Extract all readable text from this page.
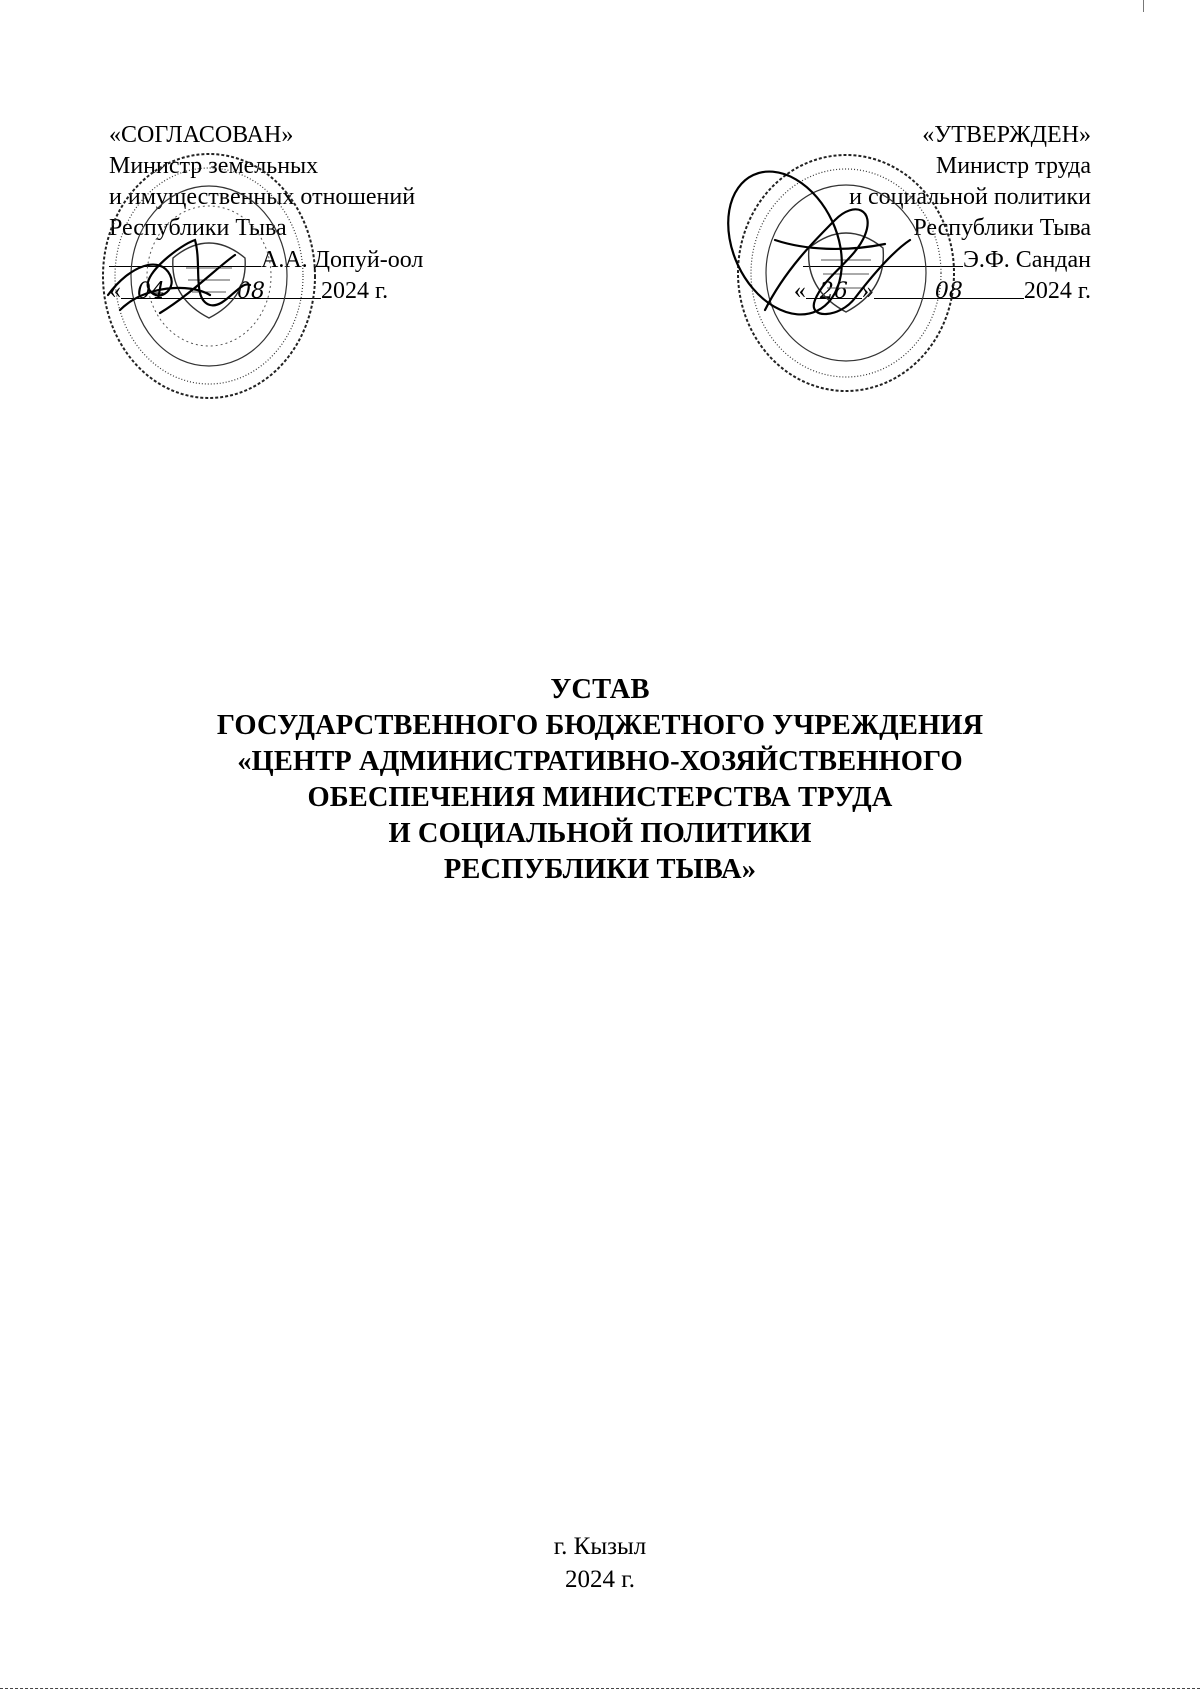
«СОГЛАСОВАН»
Министр земельных
и имущественных отношений
Республики Тыва
А.А. Допуй-оол
« 04	08 2024 г.
«УТВЕРЖДЕН»
Министр труда
и социальной политики
Республики Тыва
Э.Ф. Сандан
« 26 »	08	2024 г.
УСТАВ
ГОСУДАРСТВЕННОГО БЮДЖЕТНОГО УЧРЕЖДЕНИЯ
«ЦЕНТР АДМИНИСТРАТИВНО-ХОЗЯЙСТВЕННОГО
ОБЕСПЕЧЕНИЯ МИНИСТЕРСТВА ТРУДА
И СОЦИАЛЬНОЙ ПОЛИТИКИ
РЕСПУБЛИКИ ТЫВА»
г. Кызыл
2024 г.
